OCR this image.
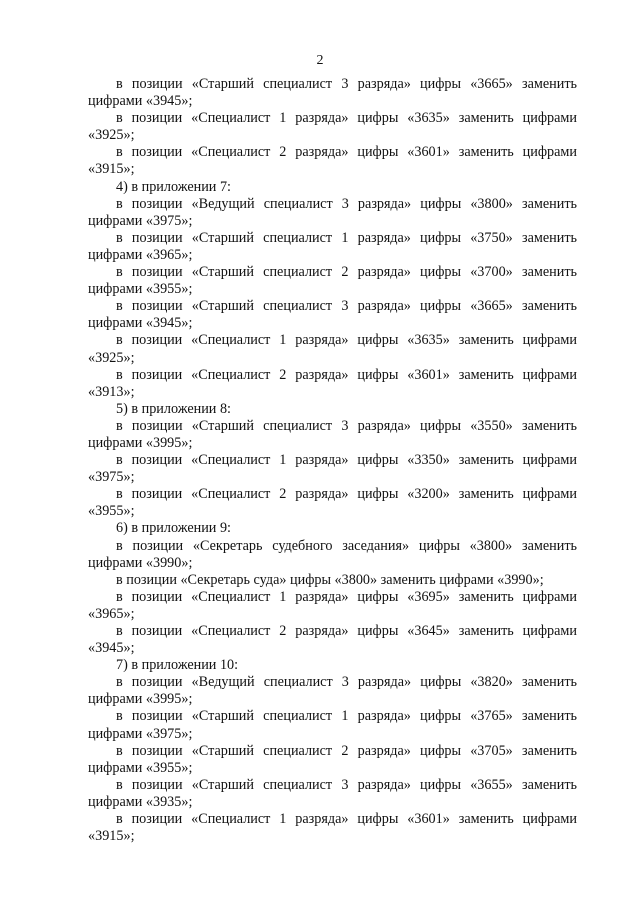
2

в позиции «Старший специалист 3 разряда» цифры «3665» заменить цифрами «3945»;

в позиции «Специалист 1 разряда» цифры «3635» заменить цифрами «3925»;

в позиции «Специалист 2 разряда» цифры «3601» заменить цифрами «3915»;

4) в приложении 7:

в позиции «Ведущий специалист 3 разряда» цифры «3800» заменить цифрами «3975»;

в позиции «Старший специалист 1 разряда» цифры «3750» заменить цифрами «3965»;

в позиции «Старший специалист 2 разряда» цифры «3700» заменить цифрами «3955»;

в позиции «Старший специалист 3 разряда» цифры «3665» заменить цифрами «3945»;

в позиции «Специалист 1 разряда» цифры «3635» заменить цифрами «3925»;

в позиции «Специалист 2 разряда» цифры «3601» заменить цифрами «3913»;

5) в приложении 8:

в позиции «Старший специалист 3 разряда» цифры «3550» заменить цифрами «3995»;

в позиции «Специалист 1 разряда» цифры «3350» заменить цифрами «3975»;

в позиции «Специалист 2 разряда» цифры «3200» заменить цифрами «3955»;

6) в приложении 9:

в позиции «Секретарь судебного заседания» цифры «3800» заменить цифрами «3990»;

в позиции «Секретарь суда» цифры «3800» заменить цифрами «3990»;

в позиции «Специалист 1 разряда» цифры «3695» заменить цифрами «3965»;

в позиции «Специалист 2 разряда» цифры «3645» заменить цифрами «3945»;

7) в приложении 10:

в позиции «Ведущий специалист 3 разряда» цифры «3820» заменить цифрами «3995»;

в позиции «Старший специалист 1 разряда» цифры «3765» заменить цифрами «3975»;

в позиции «Старший специалист 2 разряда» цифры «3705» заменить цифрами «3955»;

в позиции «Старший специалист 3 разряда» цифры «3655» заменить цифрами «3935»;

в позиции «Специалист 1 разряда» цифры «3601» заменить цифрами «3915»;
